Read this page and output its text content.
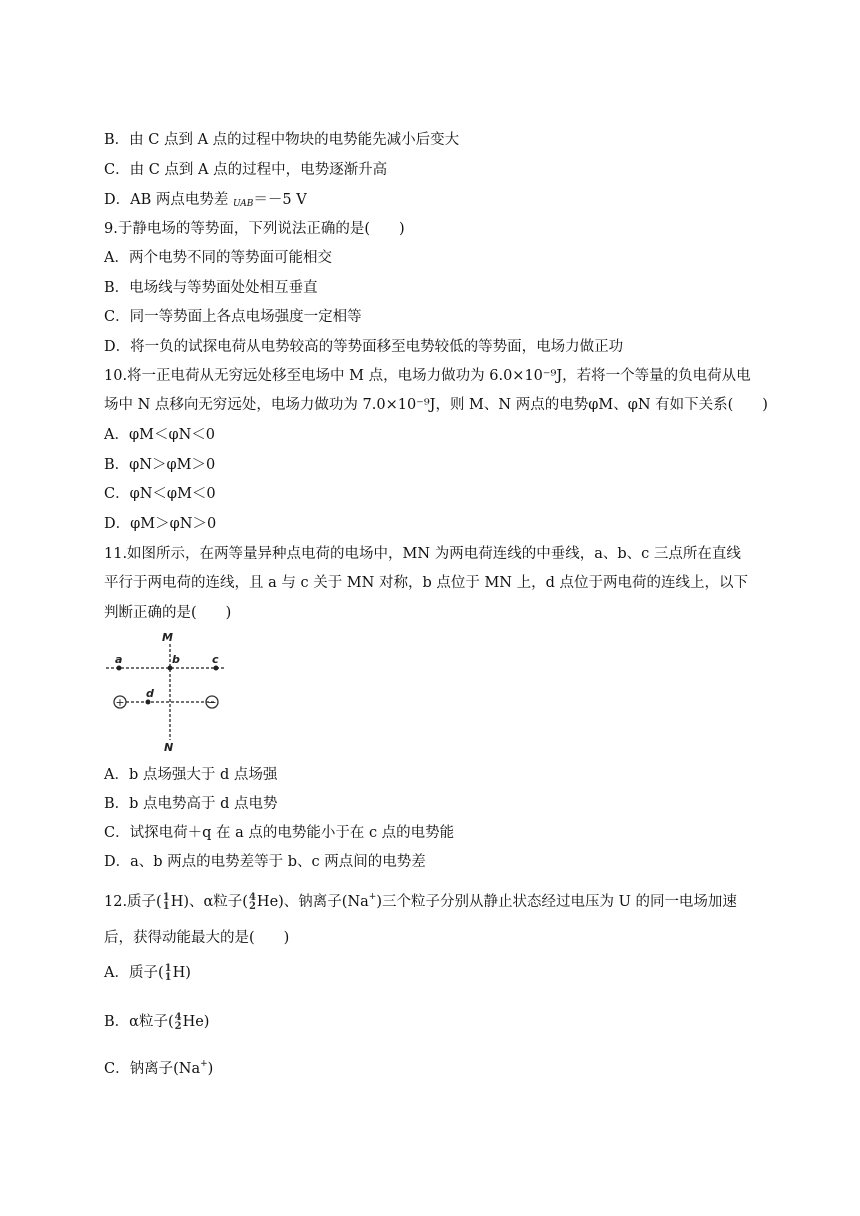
B．由 C 点到 A 点的过程中物块的电势能先减小后变大
C．由 C 点到 A 点的过程中，电势逐渐升高
D．AB 两点电势差 $_{UAB}$＝－5 V
9.于静电场的等势面，下列说法正确的是(　　)
A．两个电势不同的等势面可能相交
B．电场线与等势面处处相互垂直
C．同一等势面上各点电场强度一定相等
D．将一负的试探电荷从电势较高的等势面移至电势较低的等势面，电场力做正功
10.将一正电荷从无穷远处移至电场中 M 点，电场力做功为 6.0×10⁻⁹J，若将一个等量的负电荷从电
场中 N 点移向无穷远处，电场力做功为 7.0×10⁻⁹J，则 M、N 两点的电势φM、φN 有如下关系(　　)
A．φM＜φN＜0
B．φN＞φM＞0
C．φN＜φM＜0
D．φM＞φN＞0
11.如图所示，在两等量异种点电荷的电场中，MN 为两电荷连线的中垂线，a、b、c 三点所在直线
平行于两电荷的连线，且 a 与 c 关于 MN 对称，b 点位于 MN 上，d 点位于两电荷的连线上，以下
判断正确的是(　　)
+	−
M
N
a	b	c
d
A．b 点场强大于 d 点场强
B．b 点电势高于 d 点电势
C．试探电荷＋q 在 a 点的电势能小于在 c 点的电势能
D．a、b 两点的电势差等于 b、c 两点间的电势差
12.质子( 1
1 H)、α粒子( 4
2 He)、钠离子(Na+)三个粒子分别从静止状态经过电压为 U 的同一电场加速
后，获得动能最大的是(　　)
A．质子( 1
1 H)
B．α粒子( 4
2 He)
C．钠离子(Na+)
